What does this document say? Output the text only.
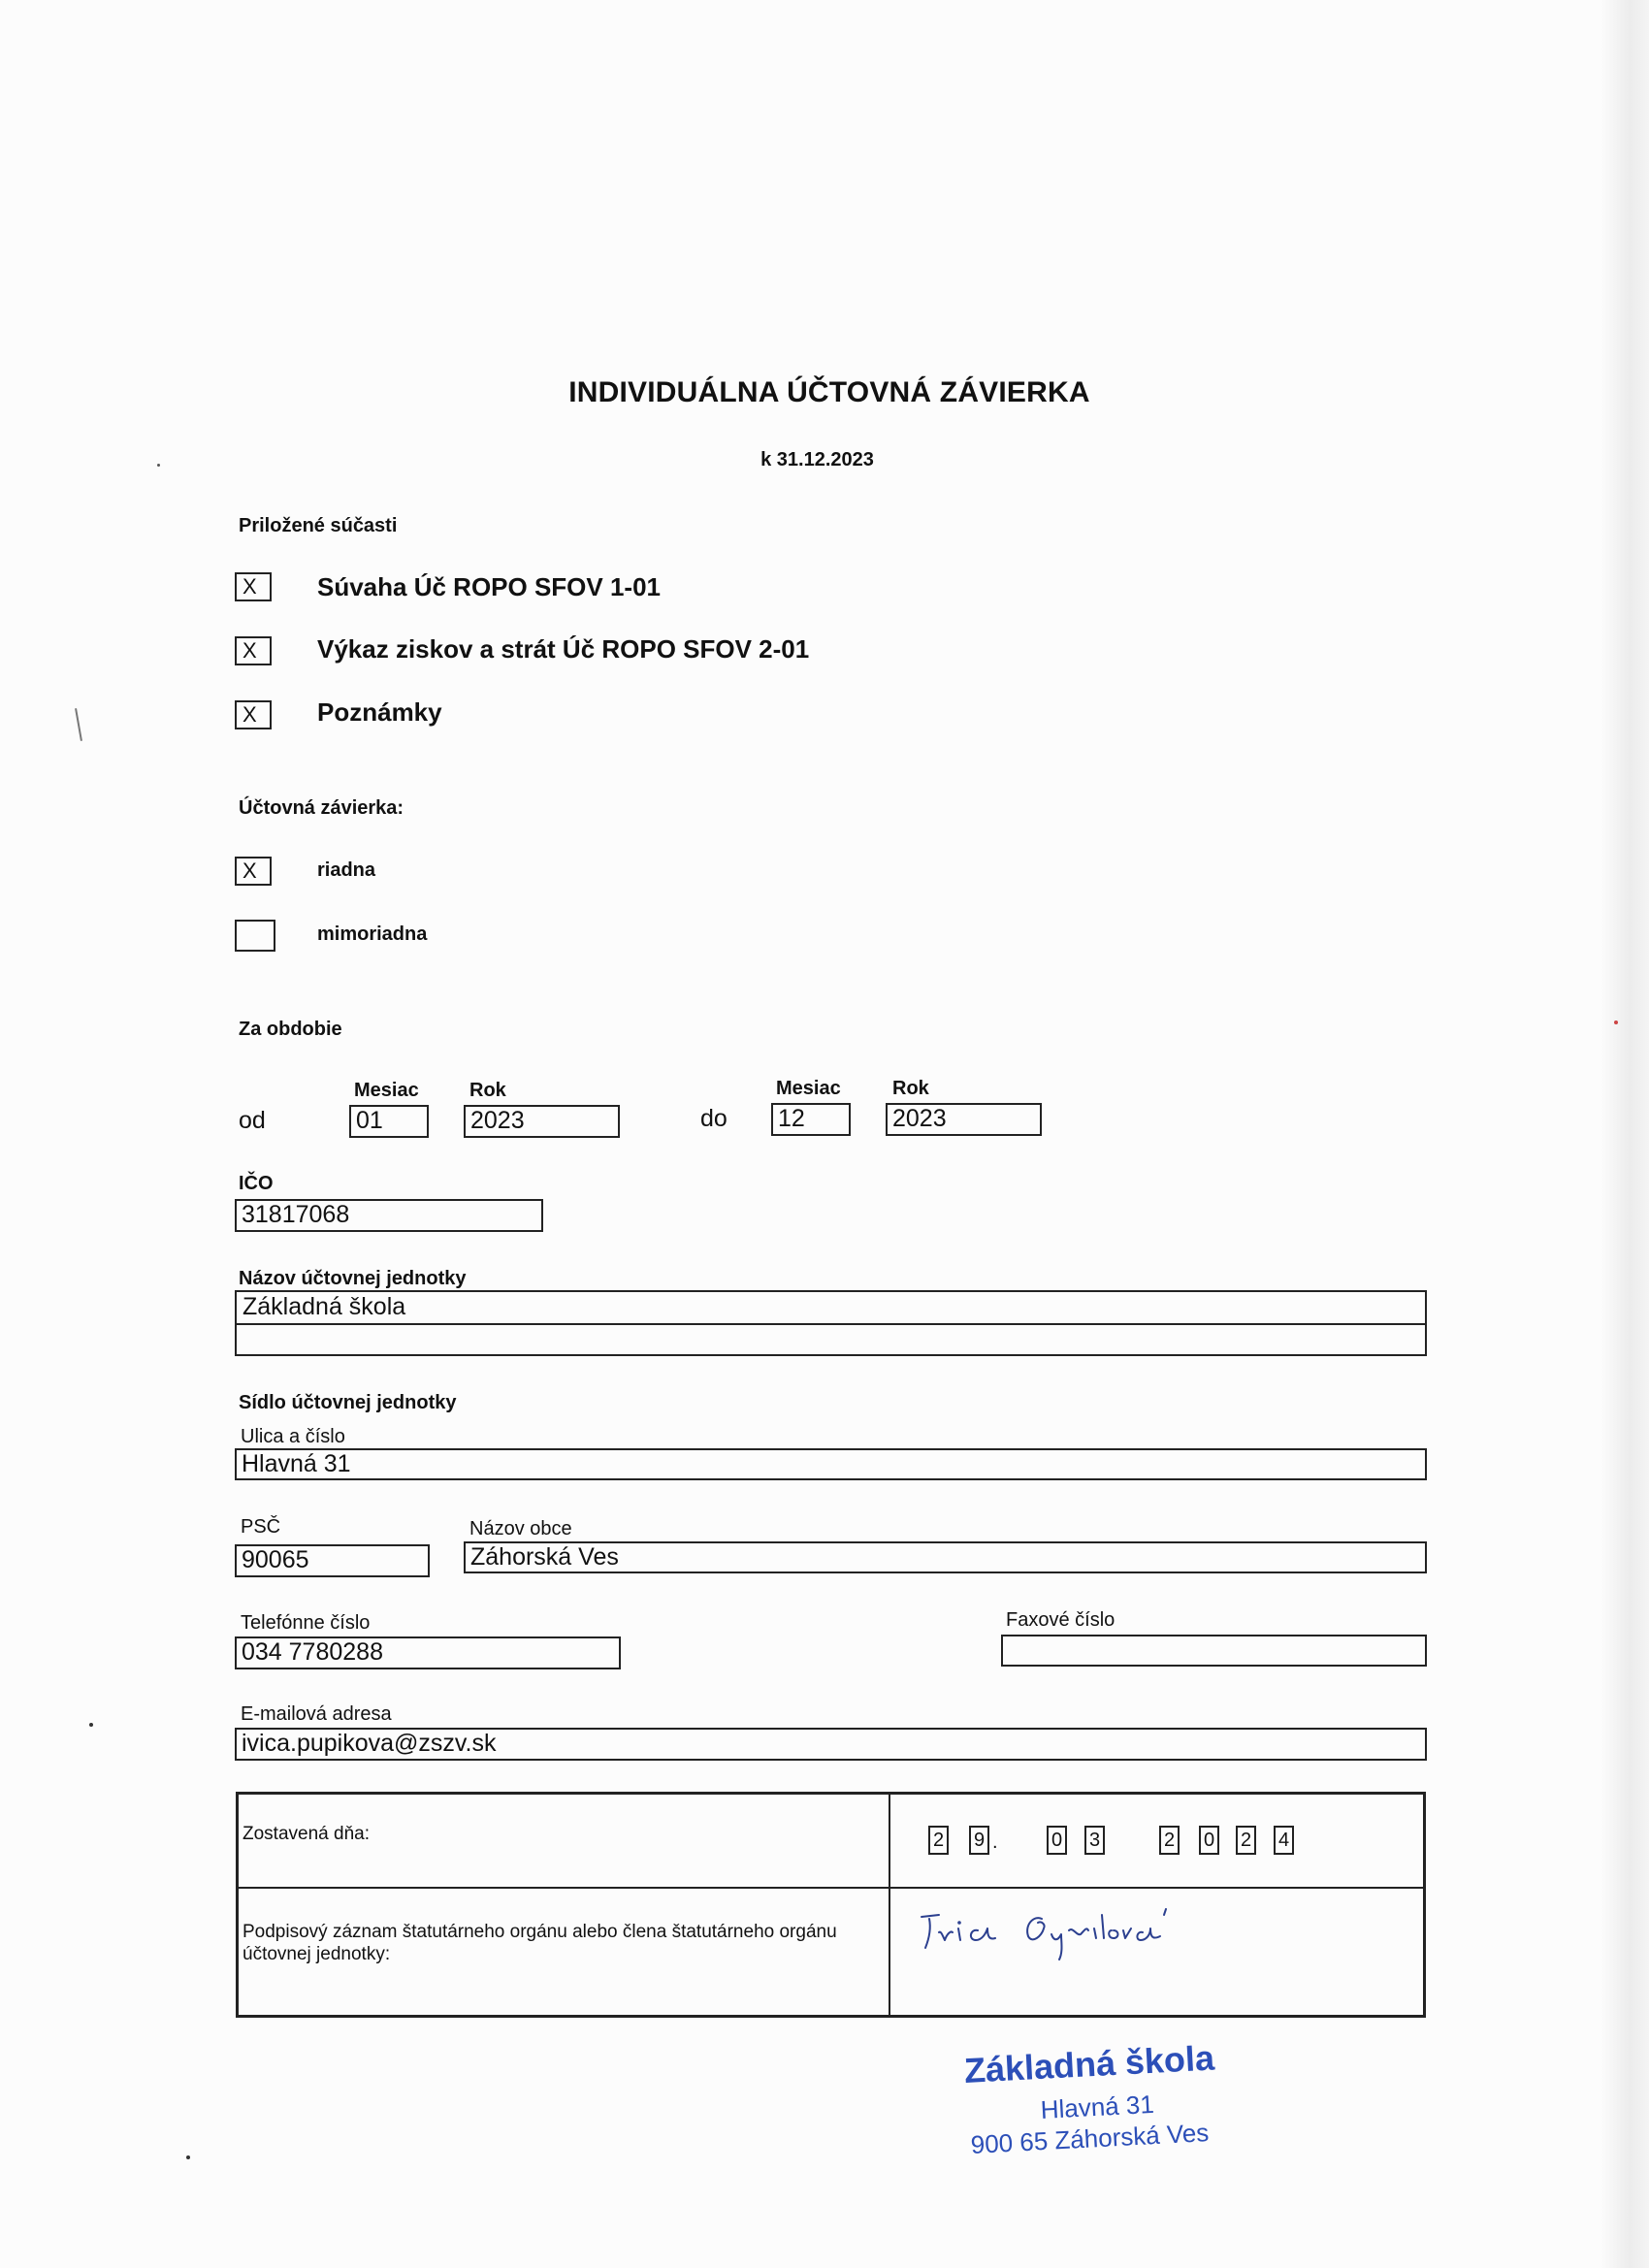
INDIVIDUÁLNA ÚČTOVNÁ ZÁVIERKA
k 31.12.2023
Priložené súčasti
X	Súvaha Úč ROPO SFOV 1-01
X	Výkaz ziskov a strát Úč ROPO SFOV 2-01
X	Poznámky
Účtovná závierka:
X	riadna
mimoriadna
Za obdobie
Mesiac	Rok
od	01	2023
Mesiac	Rok
do 12	2023
IČO
31817068
Názov účtovnej jednotky
Základná škola
Sídlo účtovnej jednotky
Ulica a číslo
Hlavná 31
PSČ
90065
Názov obce
Záhorská Ves
Telefónne číslo
034 7780288
Faxové číslo
E-mailová adresa
ivica.pupikova@zszv.sk
Zostavená dňa:	2 9 .	0 3	2 0 2 4
Podpisový záznam štatutárneho orgánu alebo člena štatutárneho orgánu účtovnej jednotky:
Základná škola
Hlavná 31
900 65 Záhorská Ves
